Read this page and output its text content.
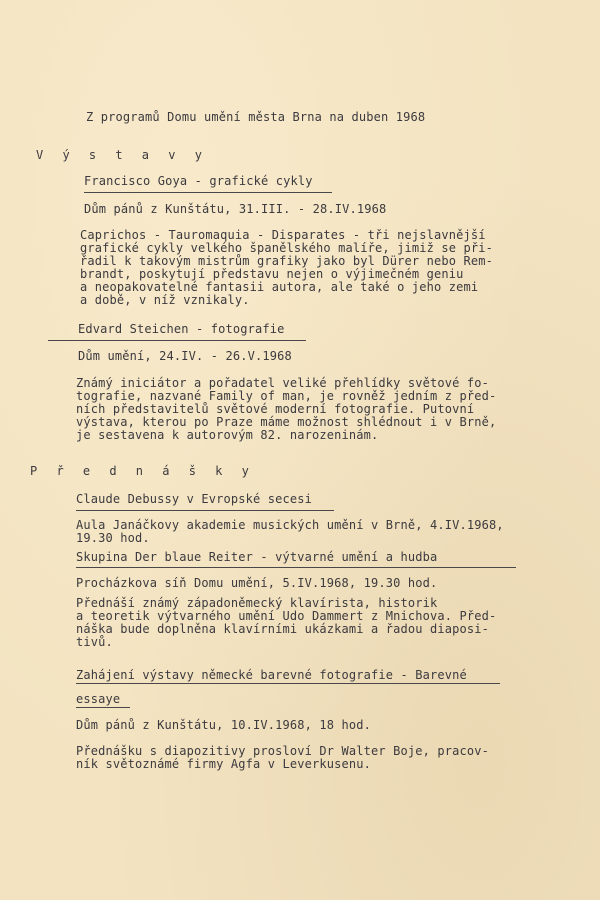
Z programů Domu umění města Brna na duben 1968
V ý s t a v y
Francisco Goya - grafické cykly
Dům pánů z Kunštátu, 31.III. - 28.IV.1968
Caprichos - Tauromaquia - Disparates - tři nejslavnější
grafické cykly velkého španělského malíře, jimiž se při-
řadil k takovým mistrům grafiky jako byl Dürer nebo Rem-
brandt, poskytují představu nejen o výjimečném geniu
a neopakovatelné fantasii autora, ale také o jeho zemi
a době, v níž vznikaly.
Edvard Steichen - fotografie
Dům umění, 24.IV. - 26.V.1968
Známý iniciátor a pořadatel veliké přehlídky světové fo-
tografie, nazvané Family of man, je rovněž jedním z před-
ních představitelů světové moderní fotografie. Putovní
výstava, kterou po Praze máme možnost shlédnout i v Brně,
je sestavena k autorovým 82. narozeninám.
P ř e d n á š k y
Claude Debussy v Evropské secesi
Aula Janáčkovy akademie musických umění v Brně, 4.IV.1968,
19.30 hod.
Skupina Der blaue Reiter - výtvarné umění a hudba
Procházkova síň Domu umění, 5.IV.1968, 19.30 hod.
Přednáší známý západoněmecký klavírista, historik
a teoretik výtvarného umění Udo Dammert z Mnichova. Před-
náška bude doplněna klavírními ukázkami a řadou diaposi-
tivů.
Zahájení výstavy německé barevné fotografie - Barevné
essaye
Dům pánů z Kunštátu, 10.IV.1968, 18 hod.
Přednášku s diapozitivy prosloví Dr Walter Boje, pracov-
ník světoznámé firmy Agfa v Leverkusenu.
